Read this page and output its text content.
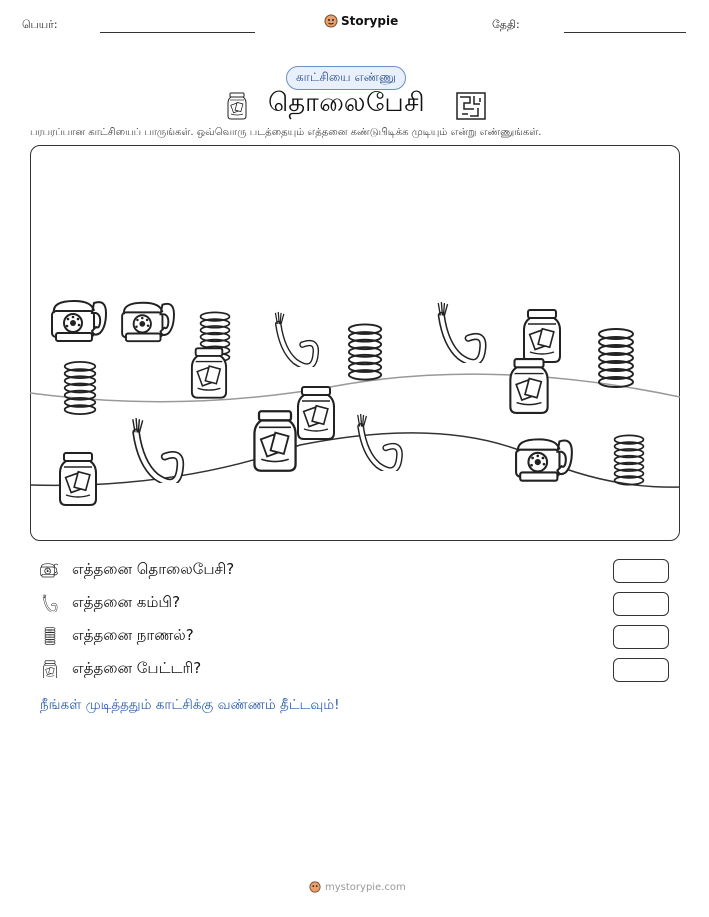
பெயர்:	Storypie	தேதி:
காட்சியை எண்ணு
தொலைபேசி
பரபரப்பான காட்சியைப் பாருங்கள். ஒவ்வொரு படத்தையும் எத்தனை கண்டுபிடிக்க முடியும் என்று எண்ணுங்கள்.
எத்தனை தொலைபேசி?
எத்தனை கம்பி?
எத்தனை நாணல்?
எத்தனை பேட்டரி?
நீங்கள் முடித்ததும் காட்சிக்கு வண்ணம் தீட்டவும்!
mystorypie.com
